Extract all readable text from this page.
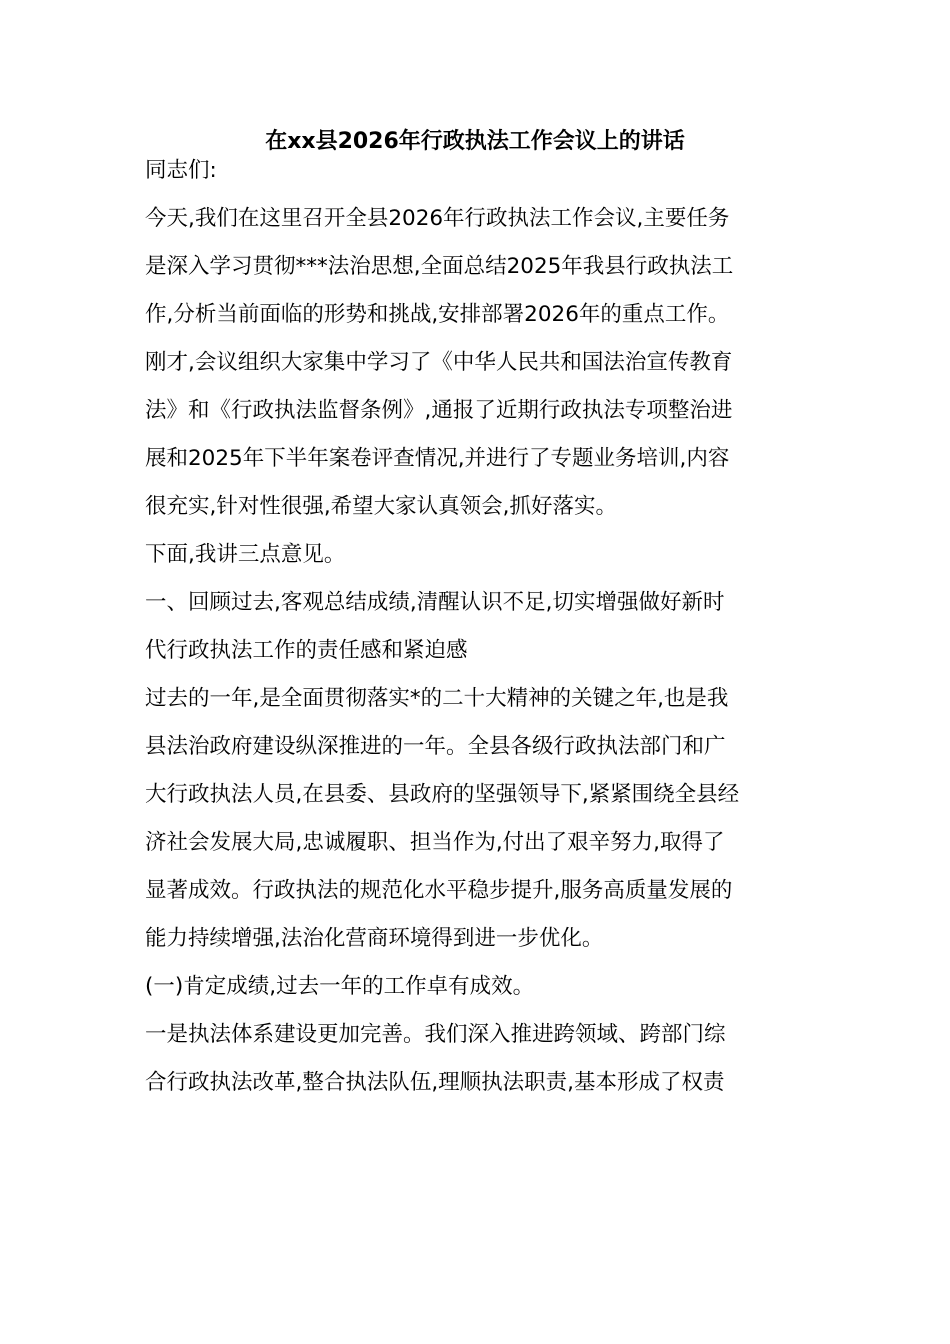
在xx县2026年行政执法工作会议上的讲话

同志们:

今天,我们在这里召开全县2026年行政执法工作会议,主要任务
是深入学习贯彻***法治思想,全面总结2025年我县行政执法工
作,分析当前面临的形势和挑战,安排部署2026年的重点工作。

刚才,会议组织大家集中学习了《中华人民共和国法治宣传教育
法》和《行政执法监督条例》,通报了近期行政执法专项整治进
展和2025年下半年案卷评查情况,并进行了专题业务培训,内容
很充实,针对性很强,希望大家认真领会,抓好落实。

下面,我讲三点意见。

一、回顾过去,客观总结成绩,清醒认识不足,切实增强做好新时
代行政执法工作的责任感和紧迫感

过去的一年,是全面贯彻落实*的二十大精神的关键之年,也是我
县法治政府建设纵深推进的一年。全县各级行政执法部门和广
大行政执法人员,在县委、县政府的坚强领导下,紧紧围绕全县经
济社会发展大局,忠诚履职、担当作为,付出了艰辛努力,取得了
显著成效。行政执法的规范化水平稳步提升,服务高质量发展的
能力持续增强,法治化营商环境得到进一步优化。

(一)肯定成绩,过去一年的工作卓有成效。

一是执法体系建设更加完善。我们深入推进跨领域、跨部门综
合行政执法改革,整合执法队伍,理顺执法职责,基本形成了权责
